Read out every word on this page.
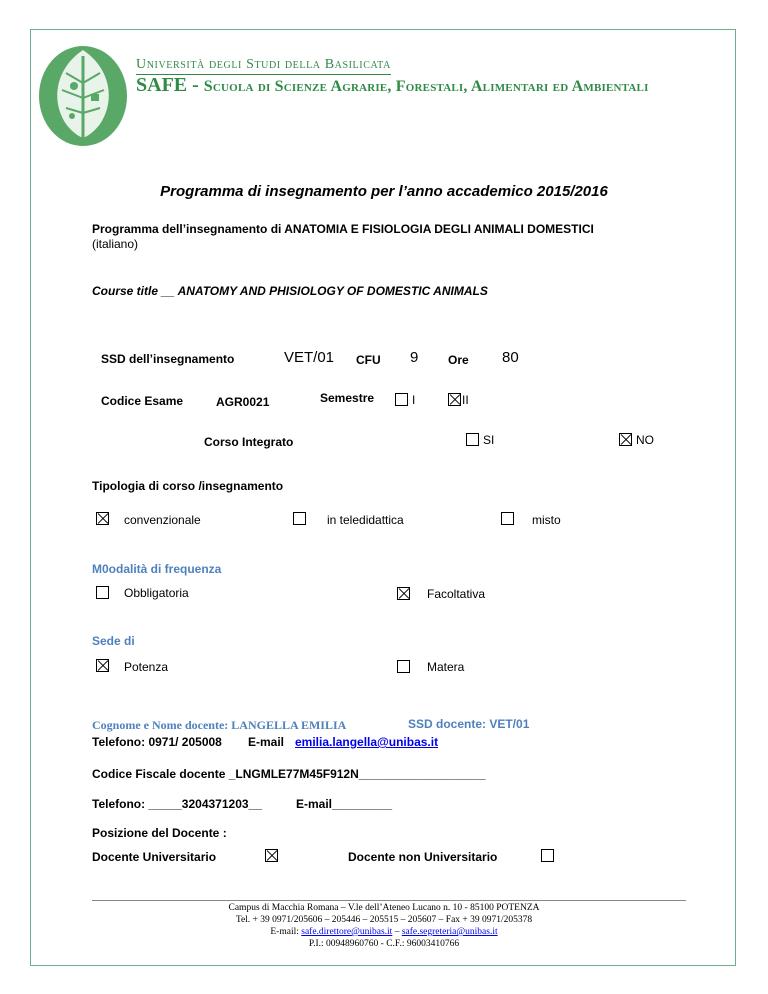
Università degli Studi della Basilicata
SAFE - Scuola di Scienze Agrarie, Forestali, Alimentari ed Ambientali
Programma di insegnamento per l’anno accademico 2015/2016
Programma dell’insegnamento di ANATOMIA E FISIOLOGIA DEGLI ANIMALI DOMESTICI
(italiano)
Course title __ ANATOMY AND PHISIOLOGY OF DOMESTIC ANIMALS
SSD dell’insegnamento	VET/01 CFU 9 Ore 80
Codice Esame	AGR0021	Semestre	I	II
Corso Integrato	SI	NO
Tipologia di corso /insegnamento
convenzionale	in teledidattica	misto
M0odalità di frequenza
Obbligatoria	Facoltativa
Sede di
Potenza	Matera
Cognome e Nome docente: LANGELLA EMILIA	SSD docente: VET/01
Telefono: 0971/ 205008 E-mail emilia.langella@unibas.it
Codice Fiscale docente _LNGMLE77M45F912N___________________
Telefono: _____3204371203__	E-mail_________
Posizione del Docente :
Docente Universitario	Docente non Universitario
Campus di Macchia Romana – V.le dell’Ateneo Lucano n. 10 - 85100 POTENZA
Tel. + 39 0971/205606 – 205446 – 205515 – 205607 – Fax + 39 0971/205378
E-mail: safe.direttore@unibas.it – safe.segreteria@unibas.it
P.I.: 00948960760 - C.F.: 96003410766
